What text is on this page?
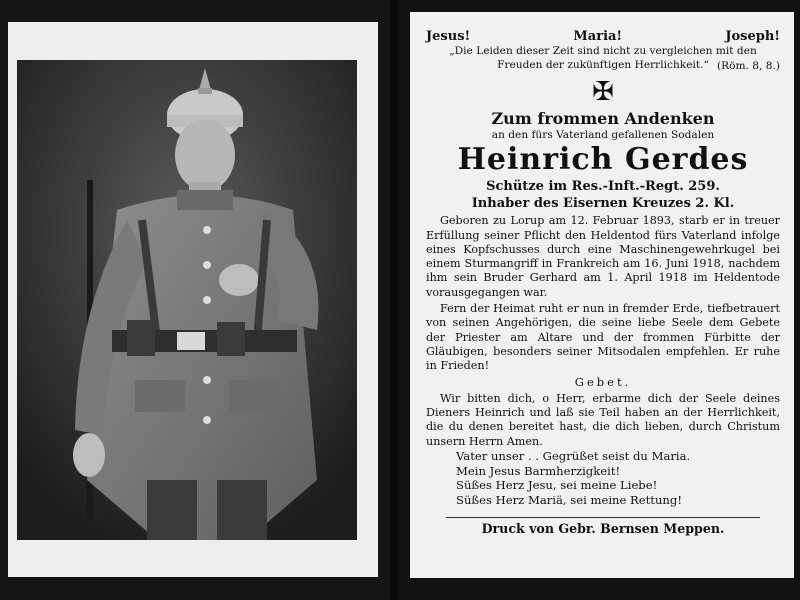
Jesus!	Maria!	Joseph!
„Die Leiden dieser Zeit sind nicht zu vergleichen mit den Freuden der zukünftigen Herrlichkeit.“ (Röm. 8, 8.)
✠
Zum frommen Andenken
an den fürs Vaterland gefallenen Sodalen
Heinrich Gerdes
Schütze im Res.-Inft.-Regt. 259.
Inhaber des Eisernen Kreuzes 2. Kl.
Geboren zu Lorup am 12. Februar 1893, starb er in treuer Erfüllung seiner Pflicht den Heldentod fürs Vaterland infolge eines Kopfschusses durch eine Maschinengewehrkugel bei einem Sturmangriff in Frankreich am 16. Juni 1918, nachdem ihm sein Bruder Gerhard am 1. April 1918 im Heldentode vorausgegangen war.
Fern der Heimat ruht er nun in fremder Erde, tiefbetrauert von seinen Angehörigen, die seine liebe Seele dem Gebete der Priester am Altare und der frommen Fürbitte der Gläubigen, besonders seiner Mitsodalen empfehlen. Er ruhe in Frieden!
Gebet.
Wir bitten dich, o Herr, erbarme dich der Seele deines Dieners Heinrich und laß sie Teil haben an der Herrlichkeit, die du denen bereitet hast, die dich lieben, durch Christum unsern Herrn Amen.
Vater unser . . Gegrüßet seist du Maria.
Mein Jesus Barmherzigkeit!
Süßes Herz Jesu, sei meine Liebe!
Süßes Herz Mariä, sei meine Rettung!
Druck von Gebr. Bernsen Meppen.
